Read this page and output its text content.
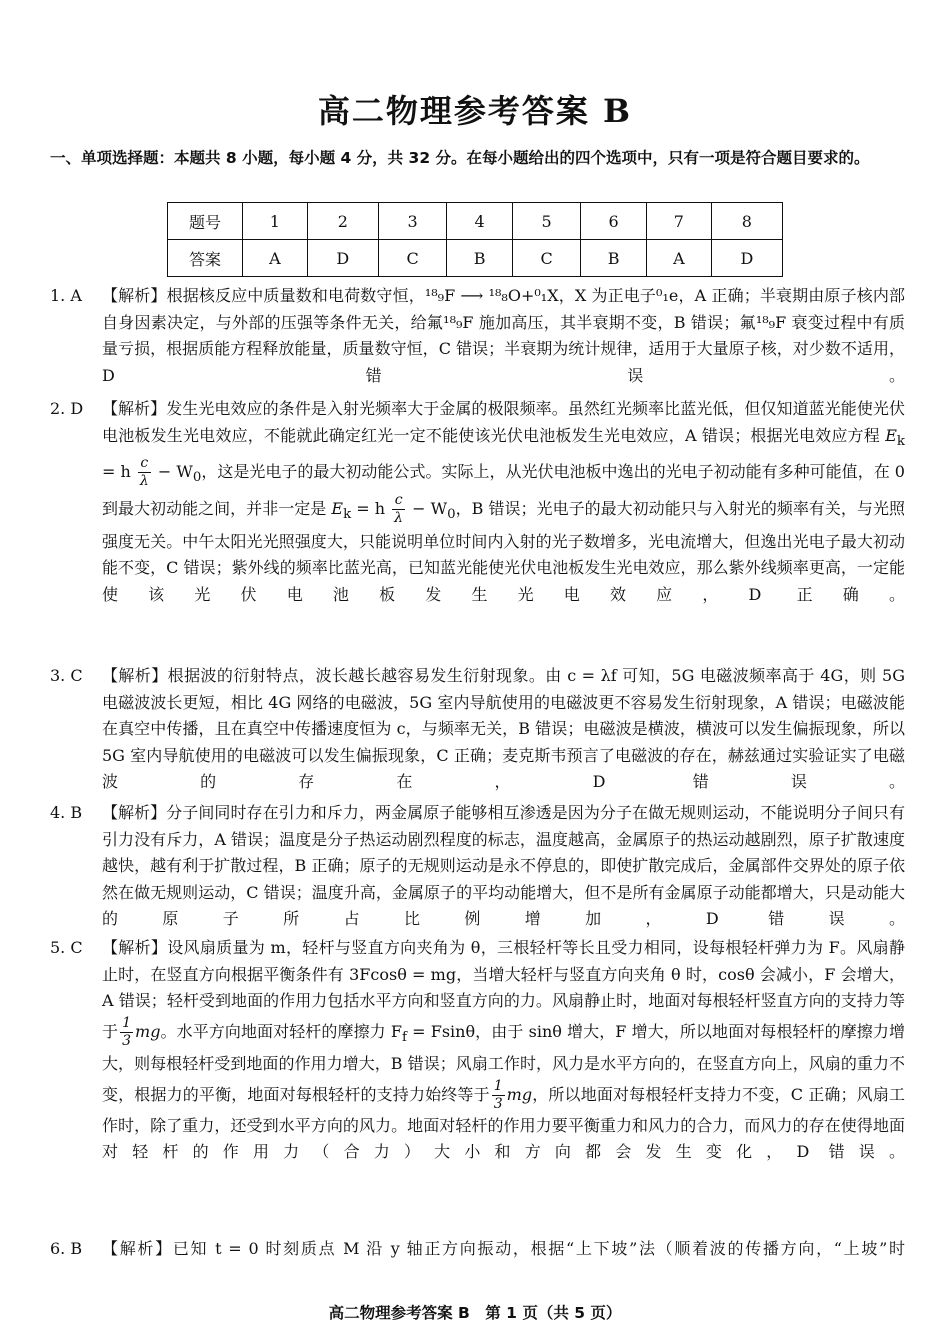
高二物理参考答案 B
一、单项选择题：本题共 8 小题，每小题 4 分，共 32 分。在每小题给出的四个选项中，只有一项是符合题目要求的。
题号	1	2	3	4	5	6	7	8
答案	A	D	C	B	C	B	A	D
1. A 【解析】根据核反应中质量数和电荷数守恒，¹⁸₉F ⟶ ¹⁸₈O+⁰₁X，X 为正电子⁰₁e，A 正确；半衰期由原子核内部自身因素决定，与外部的压强等条件无关，给氟¹⁸₉F 施加高压，其半衰期不变，B 错误；氟¹⁸₉F 衰变过程中有质量亏损，根据质能方程释放能量，质量数守恒，C 错误；半衰期为统计规律，适用于大量原子核，对少数不适用，D 错误。
2. D 【解析】发生光电效应的条件是入射光频率大于金属的极限频率。虽然红光频率比蓝光低，但仅知道蓝光能使光伏电池板发生光电效应，不能就此确定红光一定不能使该光伏电池板发生光电效应，A 错误；根据光电效应方程 $E_k = h \frac{c}{\lambda} - W_0$，这是光电子的最大初动能公式。实际上，从光伏电池板中逸出的光电子初动能有多种可能值，在 0 到最大初动能之间，并非一定是 $E_k = h \frac{c}{\lambda} - W_0$，B 错误；光电子的最大初动能只与入射光的频率有关，与光照强度无关。中午太阳光光照强度大，只能说明单位时间内入射的光子数增多，光电流增大，但逸出光电子最大初动能不变，C 错误；紫外线的频率比蓝光高，已知蓝光能使光伏电池板发生光电效应，那么紫外线频率更高，一定能使该光伏电池板发生光电效应，D 正确。
3. C 【解析】根据波的衍射特点，波长越长越容易发生衍射现象。由 c = λf 可知，5G 电磁波频率高于 4G，则 5G 电磁波波长更短，相比 4G 网络的电磁波，5G 室内导航使用的电磁波更不容易发生衍射现象，A 错误；电磁波能在真空中传播，且在真空中传播速度恒为 c，与频率无关，B 错误；电磁波是横波，横波可以发生偏振现象，所以 5G 室内导航使用的电磁波可以发生偏振现象，C 正确；麦克斯韦预言了电磁波的存在，赫兹通过实验证实了电磁波的存在，D 错误。
4. B 【解析】分子间同时存在引力和斥力，两金属原子能够相互渗透是因为分子在做无规则运动，不能说明分子间只有引力没有斥力，A 错误；温度是分子热运动剧烈程度的标志，温度越高，金属原子的热运动越剧烈，原子扩散速度越快，越有利于扩散过程，B 正确；原子的无规则运动是永不停息的，即使扩散完成后，金属部件交界处的原子依然在做无规则运动，C 错误；温度升高，金属原子的平均动能增大，但不是所有金属原子动能都增大，只是动能大的原子所占比例增加，D 错误。
5. C 【解析】设风扇质量为 m，轻杆与竖直方向夹角为 θ，三根轻杆等长且受力相同，设每根轻杆弹力为 F。风扇静止时，在竖直方向根据平衡条件有 3Fcosθ = mg，当增大轻杆与竖直方向夹角 θ 时，cosθ 会减小，F 会增大，A 错误；轻杆受到地面的作用力包括水平方向和竖直方向的力。风扇静止时，地面对每根轻杆竖直方向的支持力等于 $\frac{1}{3}$ mg。水平方向地面对轻杆的摩擦力 $F_f = Fsin\theta$，由于 sinθ 增大，F 增大，所以地面对每根轻杆的摩擦力增大，则每根轻杆受到地面的作用力增大，B 错误；风扇工作时，风力是水平方向的，在竖直方向上，风扇的重力不变，根据力的平衡，地面对每根轻杆的支持力始终等于 $\frac{1}{3}$ mg，所以地面对每根轻杆支持力不变，C 正确；风扇工作时，除了重力，还受到水平方向的风力。地面对轻杆的作用力要平衡重力和风力的合力，而风力的存在使得地面对轻杆的作用力（合力）大小和方向都会发生变化，D 错误。
6. B 【解析】已知 t = 0 时刻质点 M 沿 y 轴正方向振动，根据“上下坡”法（顺着波的传播方向，“上坡”时
高二物理参考答案 B　第 1 页（共 5 页）
